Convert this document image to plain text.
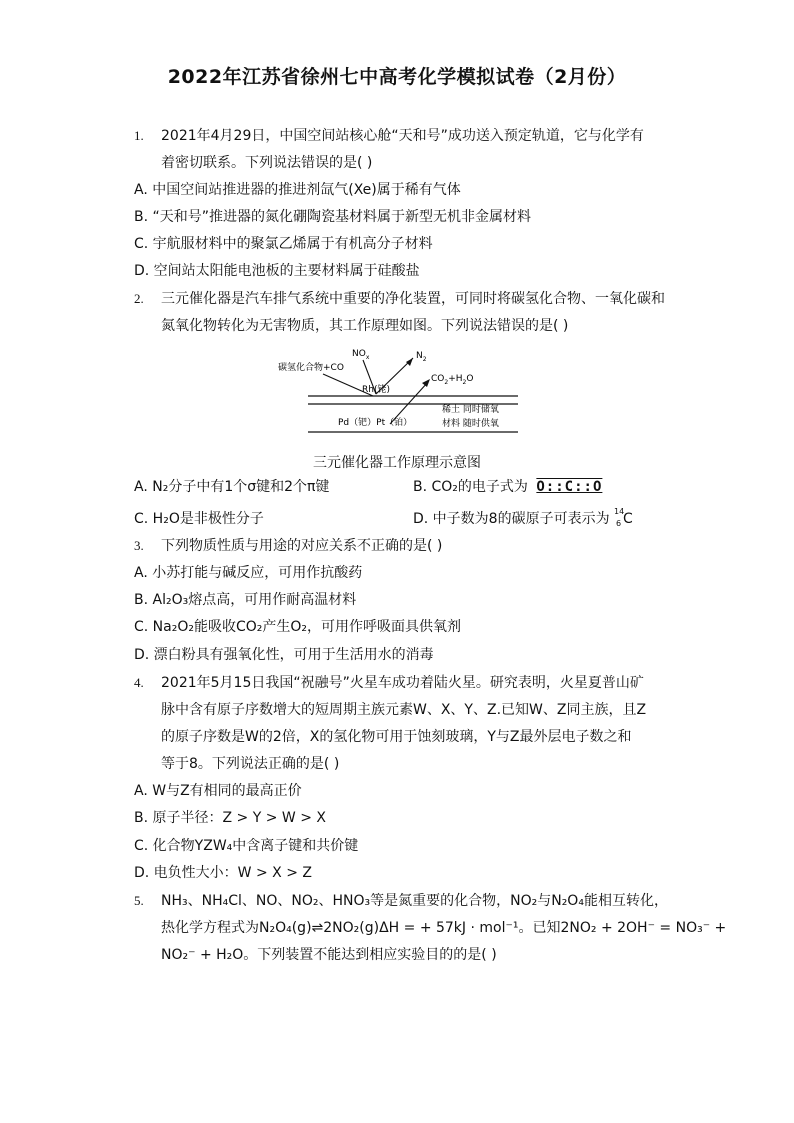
2022年江苏省徐州七中高考化学模拟试卷（2月份）
1. 2021年4月29日，中国空间站核心舱“天和号”成功送入预定轨道，它与化学有
着密切联系。下列说法错误的是( )
A. 中国空间站推进器的推进剂氙气(Xe)属于稀有气体
B. “天和号”推进器的氮化硼陶瓷基材料属于新型无机非金属材料
C. 宇航服材料中的聚氯乙烯属于有机高分子材料
D. 空间站太阳能电池板的主要材料属于硅酸盐
2. 三元催化器是汽车排气系统中重要的净化装置，可同时将碳氢化合物、一氧化碳和
氮氧化物转化为无害物质，其工作原理如图。下列说法错误的是( )
碳氢化合物+CO
$NO_x$	$N_2$
$CO_2+H_2O$
Rh(铑)
Pd（钯）Pt（铂）
稀土 同时储氧
材料 随时供氧
三元催化器工作原理示意图
A. N₂分子中有1个σ键和2个π键	B. CO₂的电子式为 O::C::O
C. H₂O是非极性分子	D. 中子数为8的碳原子可表示为 14
6 C
3. 下列物质性质与用途的对应关系不正确的是( )
A. 小苏打能与碱反应，可用作抗酸药
B. Al₂O₃熔点高，可用作耐高温材料
C. Na₂O₂能吸收CO₂产生O₂，可用作呼吸面具供氧剂
D. 漂白粉具有强氧化性，可用于生活用水的消毒
4. 2021年5月15日我国“祝融号”火星车成功着陆火星。研究表明，火星夏普山矿
脉中含有原子序数增大的短周期主族元素W、X、Y、Z.已知W、Z同主族，且Z
的原子序数是W的2倍，X的氢化物可用于蚀刻玻璃，Y与Z最外层电子数之和
等于8。下列说法正确的是( )
A. W与Z有相同的最高正价
B. 原子半径：Z > Y > W > X
C. 化合物YZW₄中含离子键和共价键
D. 电负性大小：W > X > Z
5. NH₃、NH₄Cl、NO、NO₂、HNO₃等是氮重要的化合物，NO₂与N₂O₄能相互转化，
热化学方程式为N₂O₄(g)⇌2NO₂(g)ΔH = + 57kJ · mol⁻¹。已知2NO₂ + 2OH⁻ = NO₃⁻ +
NO₂⁻ + H₂O。下列装置不能达到相应实验目的的是( )
